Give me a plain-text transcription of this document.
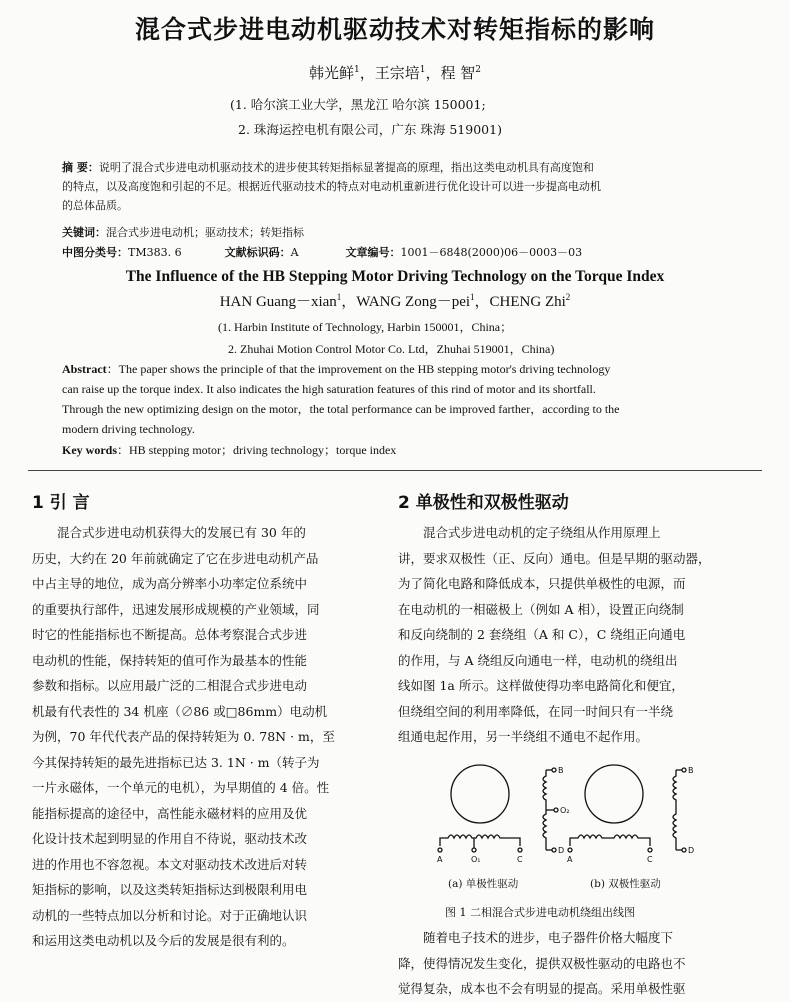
混合式步进电动机驱动技术对转矩指标的影响
韩光鲜$^1$，王宗培$^1$，程 智$^2$
(1. 哈尔滨工业大学，黑龙江 哈尔滨 150001;
2. 珠海运控电机有限公司，广东 珠海 519001)
摘 要：说明了混合式步进电动机驱动技术的进步使其转矩指标显著提高的原理，指出这类电动机具有高度饱和
的特点，以及高度饱和引起的不足。根据近代驱动技术的特点对电动机重新进行优化设计可以进一步提高电动机
的总体品质。
关键词：混合式步进电动机；驱动技术；转矩指标
中图分类号：TM383. 6	文献标识码：A	文章编号：1001－6848(2000)06－0003－03
The Influence of the HB Stepping Motor Driving Technology on the Torque Index
HAN Guang－xian$^1$，WANG Zong－pei$^1$，CHENG Zhi$^2$
(1. Harbin Institute of Technology, Harbin 150001，China；
2. Zhuhai Motion Control Motor Co. Ltd，Zhuhai 519001，China)
Abstract：The paper shows the principle of that the improvement on the HB stepping motor's driving technology
can raise up the torque index. It also indicates the high saturation features of this rind of motor and its shortfall.
Through the new optimizing design on the motor，the total performance can be improved farther，according to the
modern driving technology.
Key words：HB stepping motor；driving technology；torque index
1 引 言

混合式步进电动机获得大的发展已有 30 年的

历史，大约在 20 年前就确定了它在步进电动机产品

中占主导的地位，成为高分辨率小功率定位系统中

的重要执行部件，迅速发展形成规模的产业领域，同

时它的性能指标也不断提高。总体考察混合式步进

电动机的性能，保持转矩的值可作为最基本的性能

参数和指标。以应用最广泛的二相混合式步进电动

机最有代表性的 34 机座（∅86 或□86mm）电动机

为例，70 年代代表产品的保持转矩为 0. 78N · m，至

今其保持转矩的最先进指标已达 3. 1N · m（转子为

一片永磁体，一个单元的电机），为早期值的 4 倍。性

能指标提高的途径中，高性能永磁材料的应用及优

化设计技术起到明显的作用自不待说，驱动技术改

进的作用也不容忽视。本文对驱动技术改进后对转

矩指标的影响，以及这类转矩指标达到极限利用电

动机的一些特点加以分析和讨论。对于正确地认识

和运用这类电动机以及今后的发展是很有利的。

2 单极性和双极性驱动

混合式步进电动机的定子绕组从作用原理上

讲，要求双极性（正、反向）通电。但是早期的驱动器，

为了简化电路和降低成本，只提供单极性的电源，而

在电动机的一相磁极上（例如 A 相），设置正向绕制

和反向绕制的 2 套绕组（A 和 C），C 绕组正向通电

的作用，与 A 绕组反向通电一样，电动机的绕组出

线如图 1a 所示。这样做使得功率电路简化和便宜，

但绕组空间的利用率降低，在同一时间只有一半绕

组通电起作用，另一半绕组不通电不起作用。

B
O₂
D
A	O₁	C
B
D
A	C
(a) 单极性驱动	(b) 双极性驱动
图 1 二相混合式步进电动机绕组出线图

随着电子技术的进步，电子器件价格大幅度下

降，使得情况发生变化，提供双极性驱动的电路也不

觉得复杂，成本也不会有明显的提高。采用单极性驱
